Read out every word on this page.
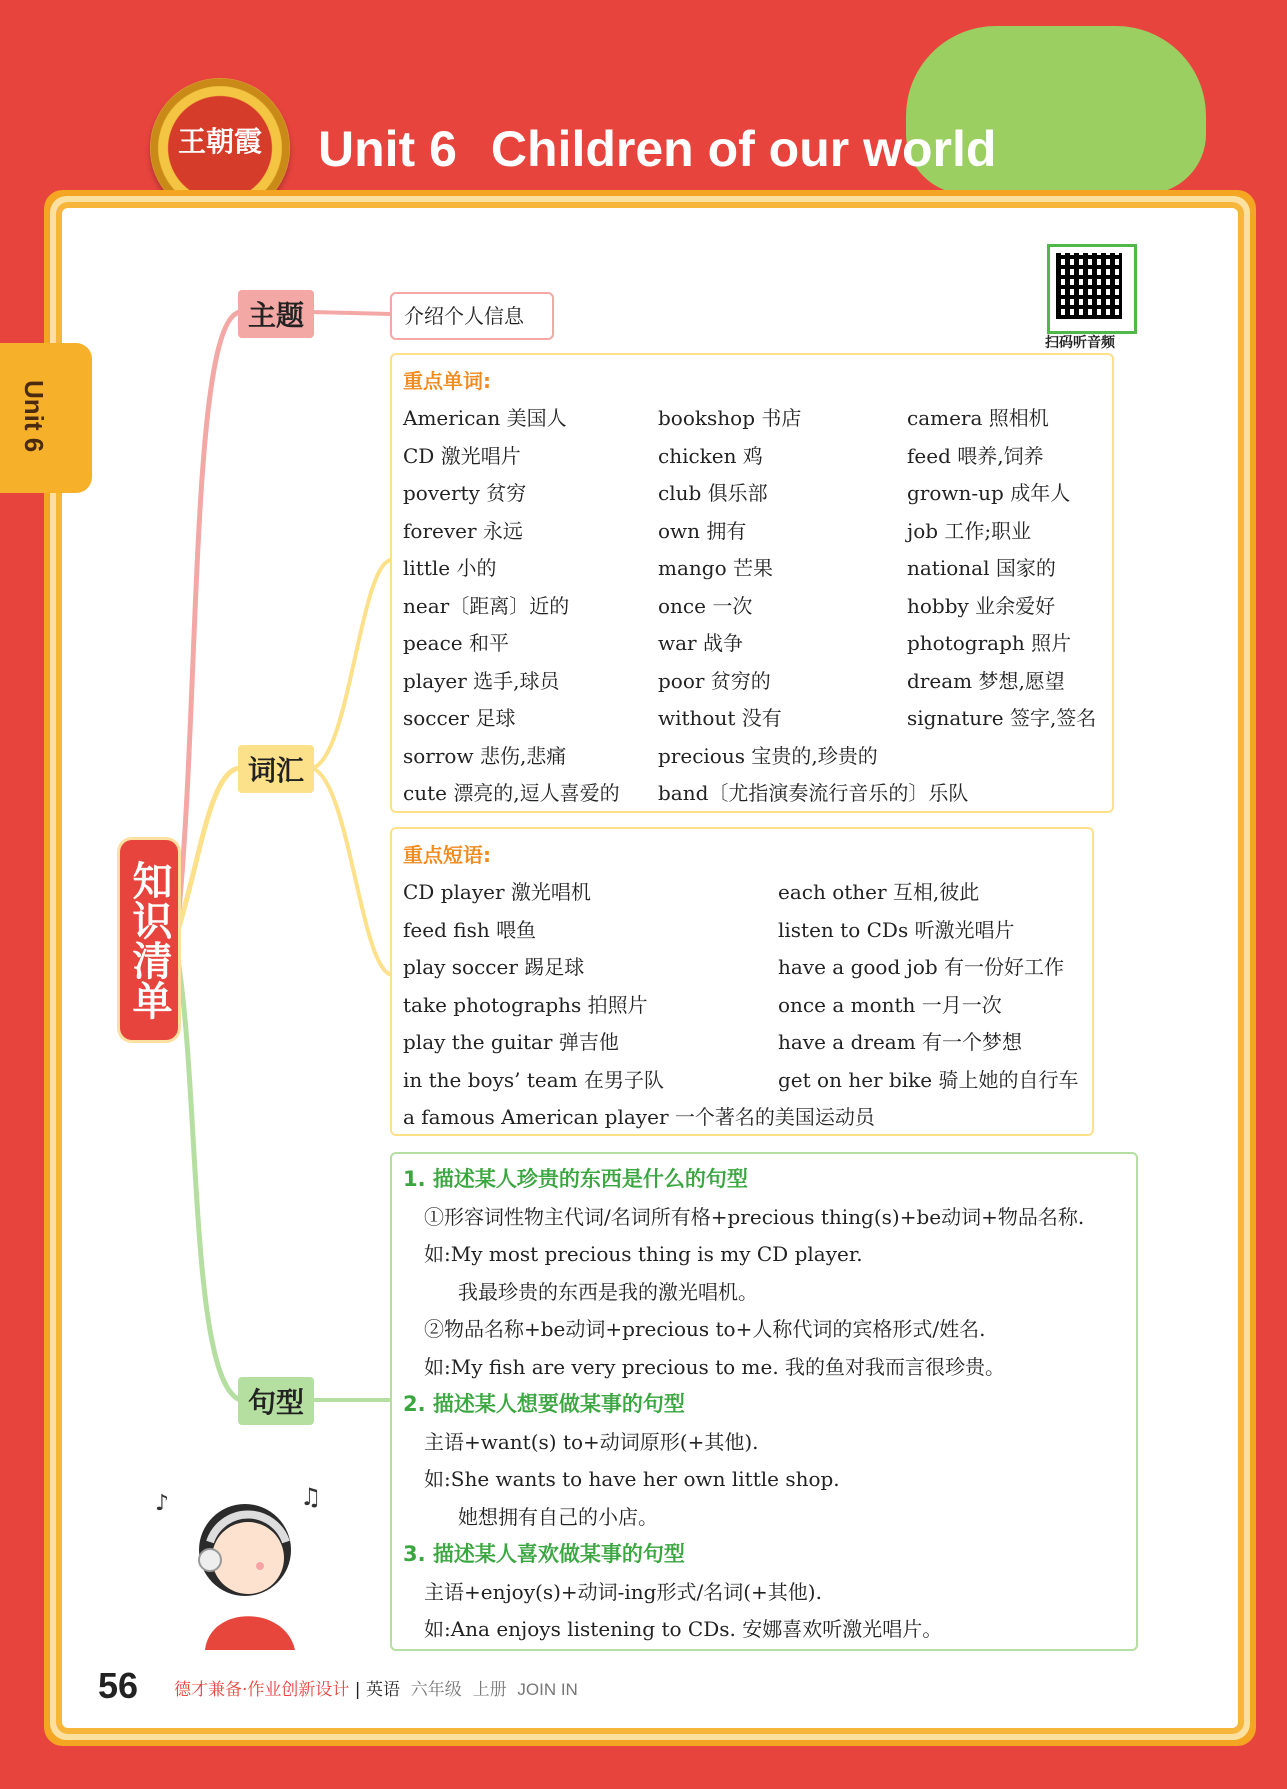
王朝霞 Unit 6 Children of our world
Unit 6
扫码听音频
知识清单
主题
词汇
句型
介绍个人信息
重点单词:
重点短语:
♪	♫
56 德才兼备·作业创新设计 | 英语 六年级 上册 JOIN IN
American 美国人
CD 激光唱片
poverty 贫穷
forever 永远
little 小的
near〔距离〕近的
peace 和平
player 选手,球员
soccer 足球
sorrow 悲伤,悲痛
cute 漂亮的,逗人喜爱的
bookshop 书店
chicken 鸡
club 俱乐部
own 拥有
mango 芒果
once 一次
war 战争
poor 贫穷的
without 没有
precious 宝贵的,珍贵的
band〔尤指演奏流行音乐的〕乐队
camera 照相机
feed 喂养,饲养
grown-up 成年人
job 工作;职业
national 国家的
hobby 业余爱好
photograph 照片
dream 梦想,愿望
signature 签字,签名
CD player 激光唱机
feed fish 喂鱼
play soccer 踢足球
take photographs 拍照片
play the guitar 弹吉他
in the boys’ team 在男子队
a famous American player 一个著名的美国运动员
each other 互相,彼此
listen to CDs 听激光唱片
have a good job 有一份好工作
once a month 一月一次
have a dream 有一个梦想
get on her bike 骑上她的自行车
1. 描述某人珍贵的东西是什么的句型
①形容词性物主代词/名词所有格+precious thing(s)+be动词+物品名称.
如:My most precious thing is my CD player.
我最珍贵的东西是我的激光唱机。
②物品名称+be动词+precious to+人称代词的宾格形式/姓名.
如:My fish are very precious to me. 我的鱼对我而言很珍贵。
2. 描述某人想要做某事的句型
主语+want(s) to+动词原形(+其他).
如:She wants to have her own little shop.
她想拥有自己的小店。
3. 描述某人喜欢做某事的句型
主语+enjoy(s)+动词-ing形式/名词(+其他).
如:Ana enjoys listening to CDs. 安娜喜欢听激光唱片。
